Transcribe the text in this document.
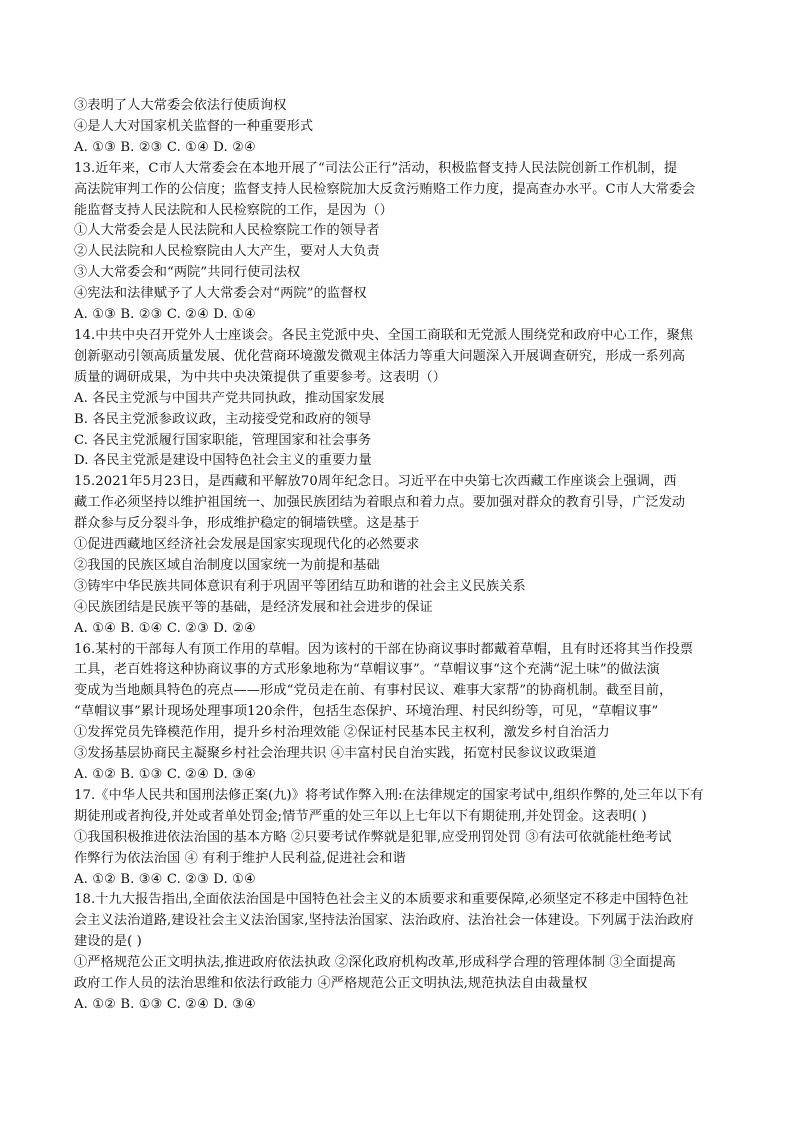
③表明了人大常委会依法行使质询权
④是人大对国家机关监督的一种重要形式
A. ①③ B. ②③ C. ①④ D. ②④
13.近年来，C市人大常委会在本地开展了“司法公正行”活动，积极监督支持人民法院创新工作机制，提
高法院审判工作的公信度；监督支持人民检察院加大反贪污贿赂工作力度，提高查办水平。C市人大常委会
能监督支持人民法院和人民检察院的工作，是因为（）
①人大常委会是人民法院和人民检察院工作的领导者
②人民法院和人民检察院由人大产生，要对人大负责
③人大常委会和“两院”共同行使司法权
④宪法和法律赋予了人大常委会对“两院”的监督权
A. ①③ B. ②③ C. ②④ D. ①④
14.中共中央召开党外人士座谈会。各民主党派中央、全国工商联和无党派人围绕党和政府中心工作，聚焦
创新驱动引领高质量发展、优化营商环境激发微观主体活力等重大问题深入开展调查研究，形成一系列高
质量的调研成果，为中共中央决策提供了重要参考。这表明（）
A. 各民主党派与中国共产党共同执政，推动国家发展
B. 各民主党派参政议政，主动接受党和政府的领导
C. 各民主党派履行国家职能，管理国家和社会事务
D. 各民主党派是建设中国特色社会主义的重要力量
15.2021年5月23日，是西藏和平解放70周年纪念日。习近平在中央第七次西藏工作座谈会上强调，西
藏工作必须坚持以维护祖国统一、加强民族团结为着眼点和着力点。要加强对群众的教育引导，广泛发动
群众参与反分裂斗争，形成维护稳定的铜墙铁壁。这是基于
①促进西藏地区经济社会发展是国家实现现代化的必然要求
②我国的民族区域自治制度以国家统一为前提和基础
③铸牢中华民族共同体意识有利于巩固平等团结互助和谐的社会主义民族关系
④民族团结是民族平等的基础，是经济发展和社会进步的保证
A. ①④ B. ①④ C. ②③ D. ②④
16.某村的干部每人有顶工作用的草帽。因为该村的干部在协商议事时都戴着草帽，且有时还将其当作投票
工具，老百姓将这种协商议事的方式形象地称为“草帽议事”。“草帽议事“这个充满“泥土味”的做法演
变成为当地颇具特色的亮点——形成“党员走在前、有事村民议、难事大家帮”的协商机制。截至目前，
“草帽议事”累计现场处理事项120余件，包括生态保护、环境治理、村民纠纷等，可见，“草帽议事”
①发挥党员先锋模范作用，提升乡村治理效能 ②保证村民基本民主权利，激发乡村自治活力
③发扬基层协商民主凝聚乡村社会治理共识 ④丰富村民自治实践，拓宽村民参议议政渠道
A. ①② B. ①③ C. ②④ D. ③④
17.《中华人民共和国刑法修正案(九)》将考试作弊入刑:在法律规定的国家考试中,组织作弊的,处三年以下有
期徒刑或者拘役,并处或者单处罚金;情节严重的处三年以上七年以下有期徒刑,并处罚金。这表明( )
①我国积极推进依法治国的基本方略 ②只要考试作弊就是犯罪,应受刑罚处罚 ③有法可依就能杜绝考试
作弊行为依法治国 ④ 有利于维护人民利益,促进社会和谐
A. ①② B. ③④ C. ②③ D. ①④
18.十九大报告指出,全面依法治国是中国特色社会主义的本质要求和重要保障,必须坚定不移走中国特色社
会主义法治道路,建设社会主义法治国家,坚持法治国家、法治政府、法治社会一体建设。下列属于法治政府
建设的是( )
①严格规范公正文明执法,推进政府依法执政 ②深化政府机构改革,形成科学合理的管理体制 ③全面提高
政府工作人员的法治思维和依法行政能力 ④严格规范公正文明执法,规范执法自由裁量权
A. ①② B. ①③ C. ②④ D. ③④
